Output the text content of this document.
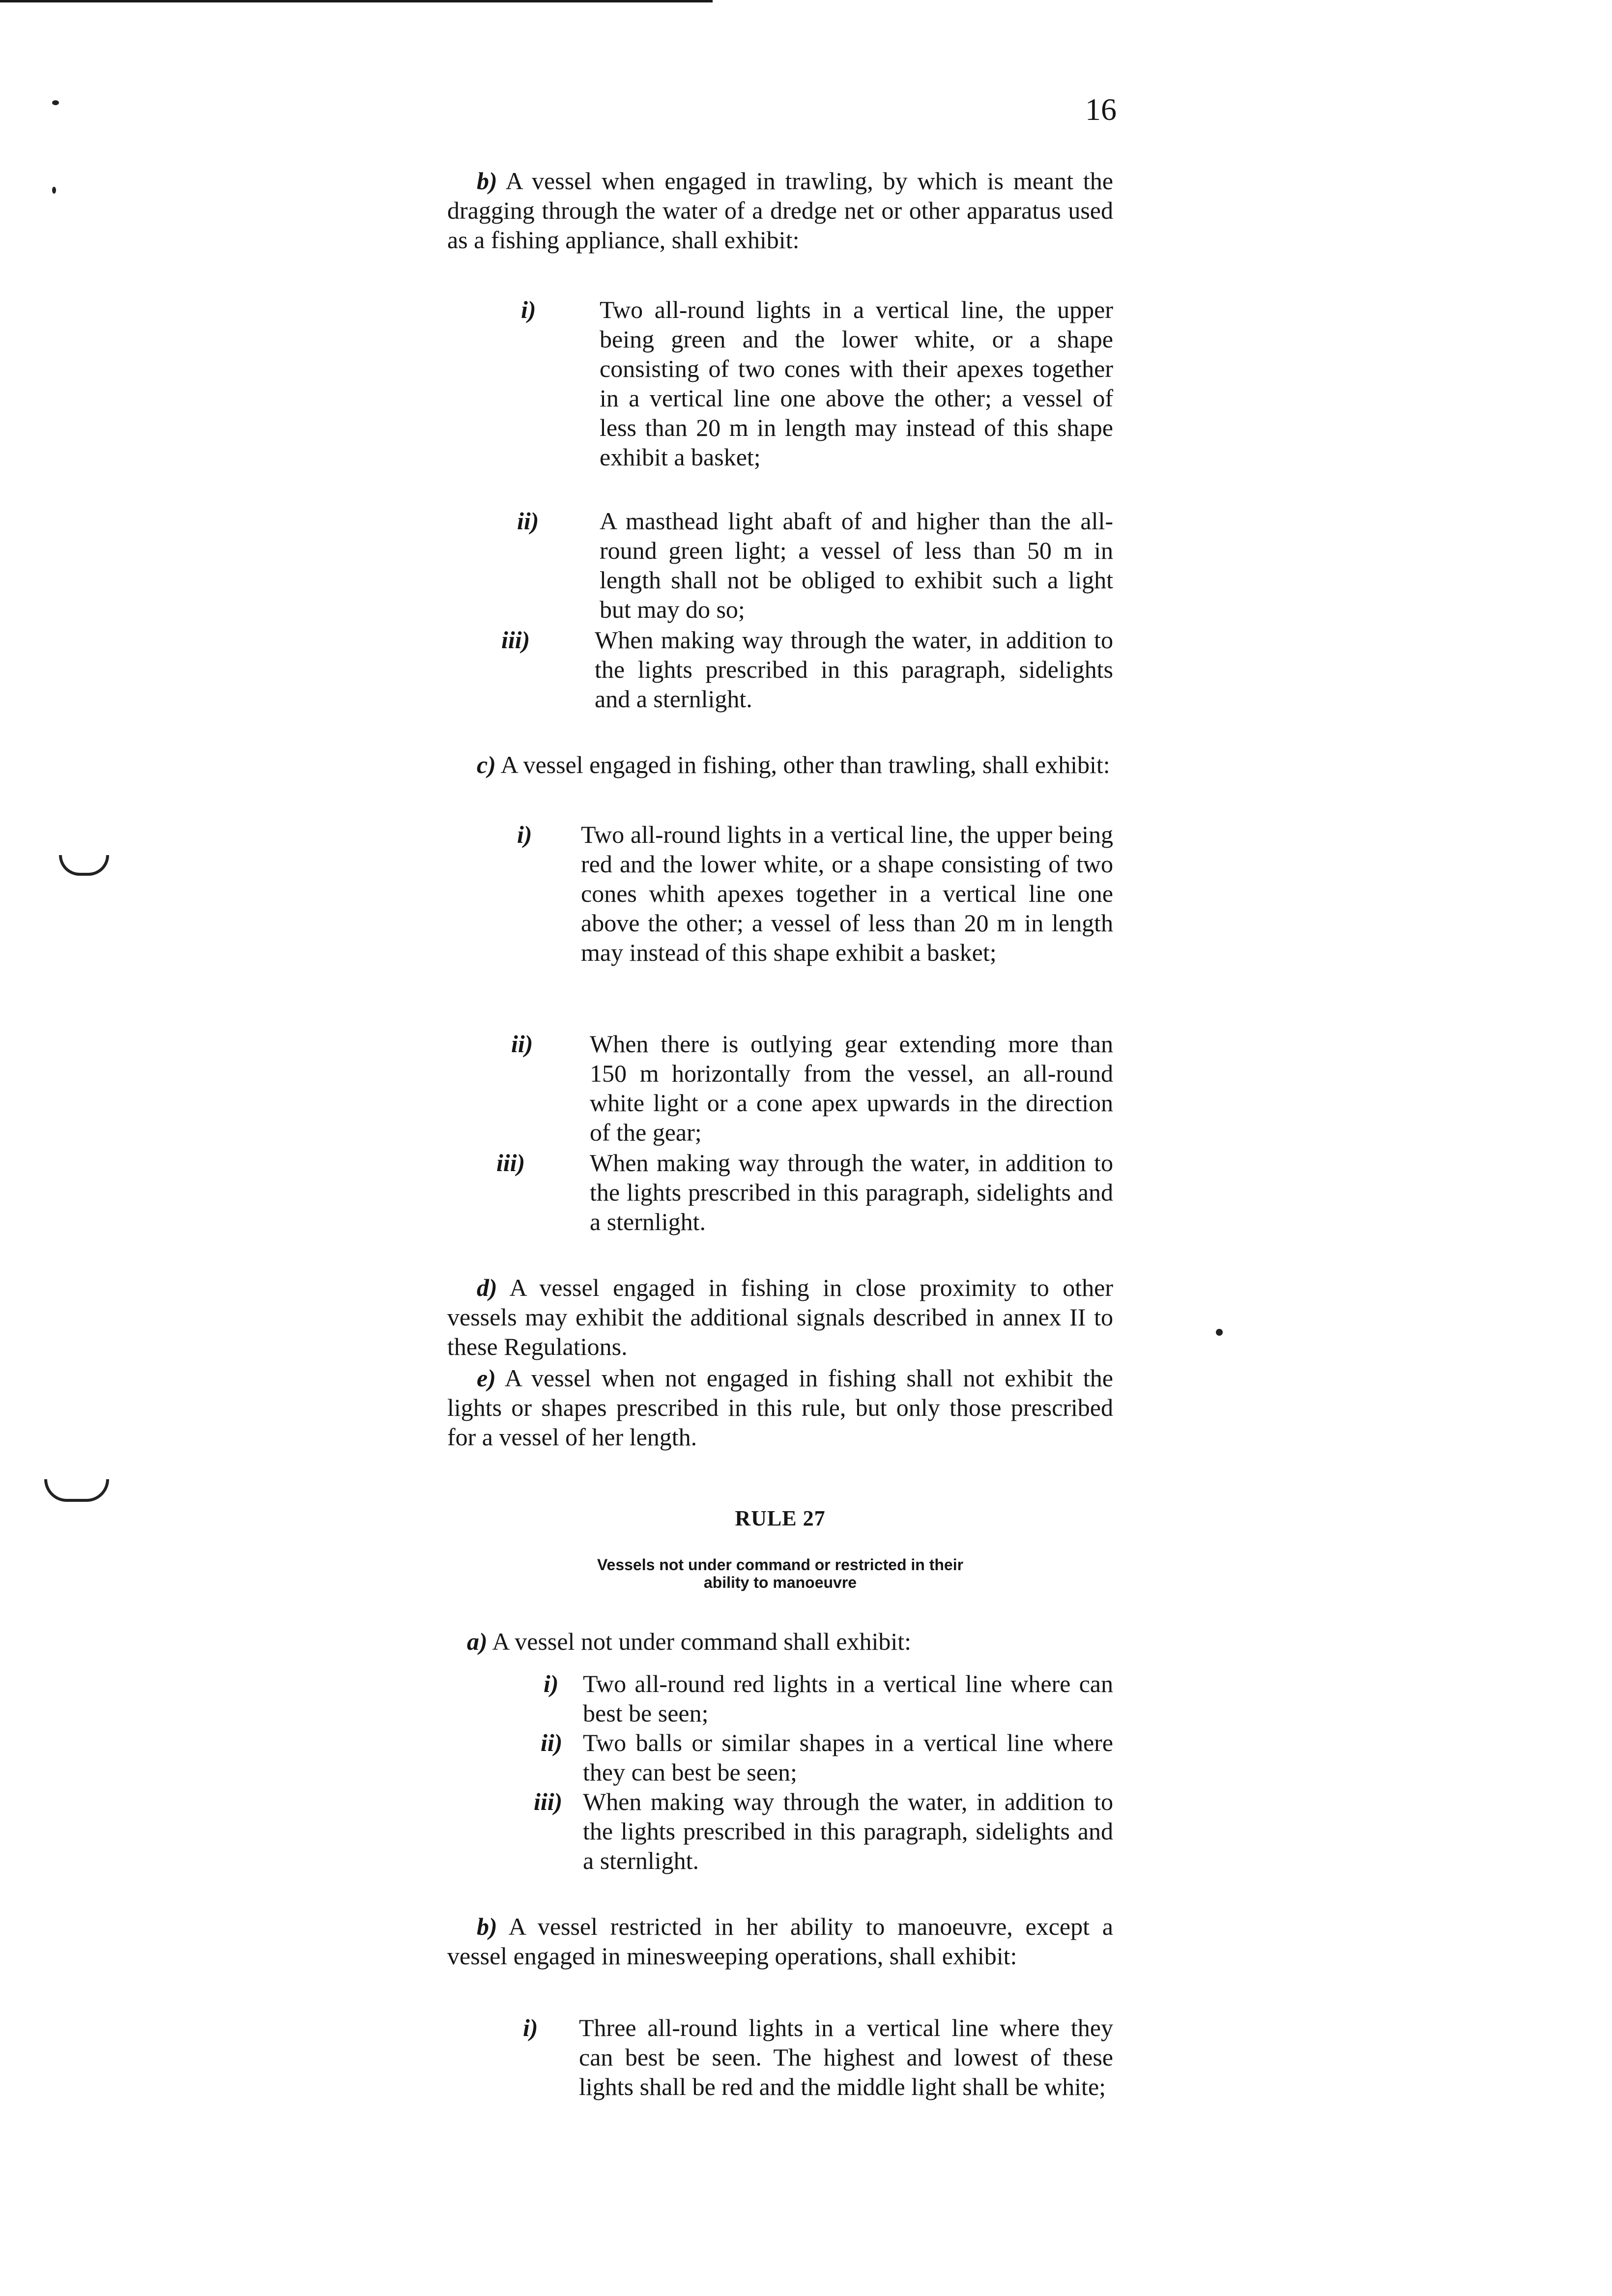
16

b) A vessel when engaged in trawling, by which is meant the dragging through the water of a dredge net or other apparatus used as a fishing appliance, shall exhibit:

i)	Two all-round lights in a vertical line, the upper being green and the lower white, or a shape consisting of two cones with their apexes together in a vertical line one above the other; a vessel of less than 20 m in length may instead of this shape exhibit a basket;

ii) A masthead light abaft of and higher than the all-round green light; a vessel of less than 50 m in length shall not be obliged to exhibit such a light but may do so;

iii)	When making way through the water, in addition to the lights prescribed in this paragraph, sidelights and a sternlight.

c) A vessel engaged in fishing, other than trawling, shall exhibit:

i) Two all-round lights in a vertical line, the upper being red and the lower white, or a shape consisting of two cones whith apexes together in a vertical line one above the other; a vessel of less than 20 m in length may instead of this shape exhibit a basket;

ii) When there is outlying gear extending more than 150 m horizontally from the vessel, an all-round white light or a cone apex upwards in the direction of the gear;

iii)	When making way through the water, in addition to the lights prescribed in this paragraph, sidelights and a sternlight.

d) A vessel engaged in fishing in close proximity to other vessels may exhibit the additional signals described in annex II to these Regulations.

e) A vessel when not engaged in fishing shall not exhibit the lights or shapes prescribed in this rule, but only those prescribed for a vessel of her length.

RULE 27
Vessels not under command or restricted in their
ability to manoeuvre

a) A vessel not under command shall exhibit:

i) Two all-round red lights in a vertical line where can best be seen;

ii) Two balls or similar shapes in a vertical line where they can best be seen;

iii) When making way through the water, in addition to the lights prescribed in this paragraph, sidelights and a sternlight.

b) A vessel restricted in her ability to manoeuvre, except a vessel engaged in minesweeping operations, shall exhibit:

i) Three all-round lights in a vertical line where they can best be seen. The highest and lowest of these lights shall be red and the middle light shall be white;
